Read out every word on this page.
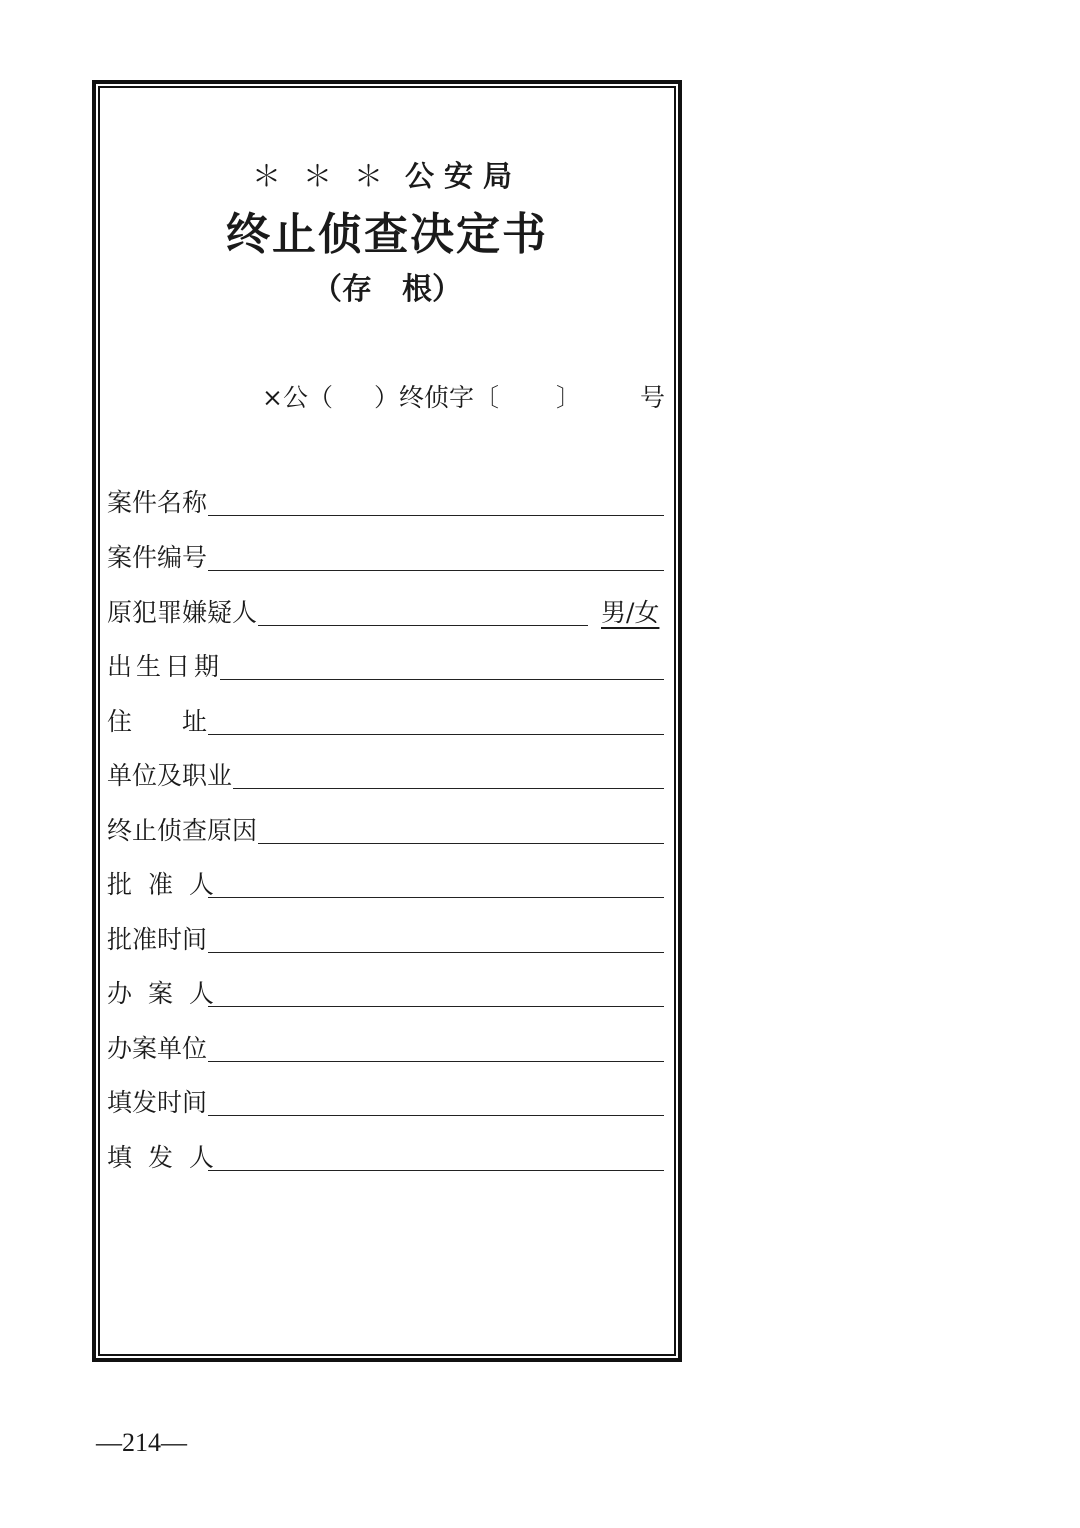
＊＊＊公安局
终止侦查决定书
（存　根）
×公（ ）终侦字〔 〕 号
案件名称
案件编号
原犯罪嫌疑人	男/女
出生日期
住　　址
单位及职业
终止侦查原因
批 准 人
批准时间
办 案 人
办案单位
填发时间
填 发 人
—214—
